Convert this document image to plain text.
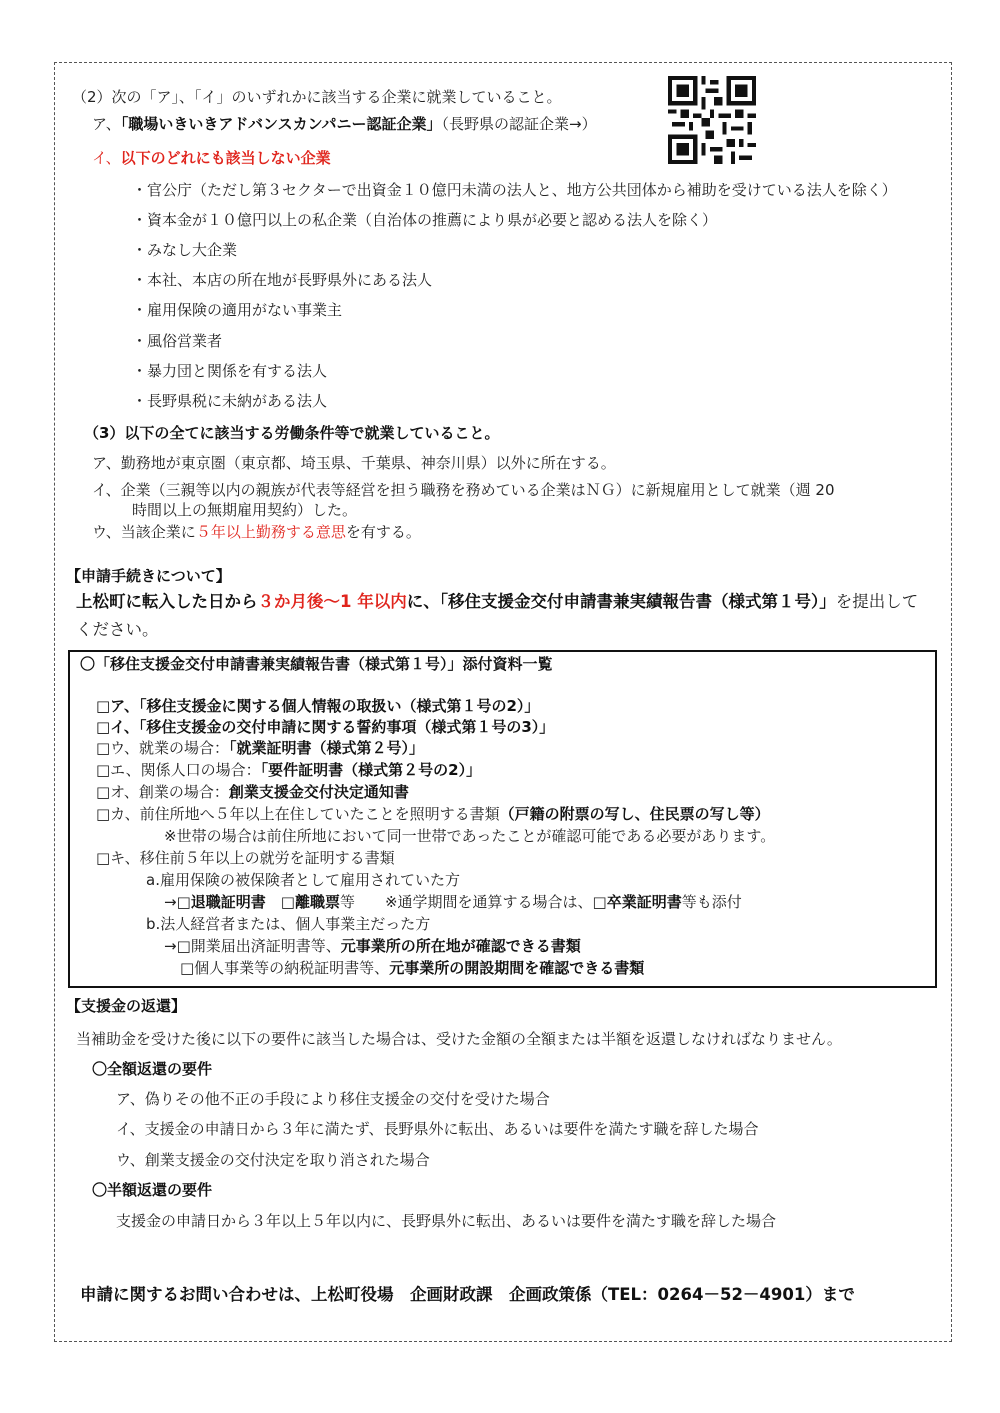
（2）次の「ア」、「イ」のいずれかに該当する企業に就業していること。
ア、「職場いきいきアドバンスカンパニー認証企業」（長野県の認証企業→）
イ、以下のどれにも該当しない企業
・官公庁（ただし第３セクターで出資金１０億円未満の法人と、地方公共団体から補助を受けている法人を除く）
・資本金が１０億円以上の私企業（自治体の推薦により県が必要と認める法人を除く）
・みなし大企業
・本社、本店の所在地が長野県外にある法人
・雇用保険の適用がない事業主
・風俗営業者
・暴力団と関係を有する法人
・長野県税に未納がある法人
（3）以下の全てに該当する労働条件等で就業していること。
ア、勤務地が東京圏（東京都、埼玉県、千葉県、神奈川県）以外に所在する。
イ、企業（三親等以内の親族が代表等経営を担う職務を務めている企業はＮＧ）に新規雇用として就業（週 20
時間以上の無期雇用契約）した。
ウ、当該企業に５年以上勤務する意思を有する。
【申請手続きについて】
上松町に転入した日から３か月後～1 年以内に、「移住支援金交付申請書兼実績報告書（様式第１号）」を提出して
ください。
〇「移住支援金交付申請書兼実績報告書（様式第１号）」添付資料一覧
□ア、「移住支援金に関する個人情報の取扱い（様式第１号の2）」
□イ、「移住支援金の交付申請に関する誓約事項（様式第１号の3）」
□ウ、就業の場合：「就業証明書（様式第２号）」
□エ、関係人口の場合：「要件証明書（様式第２号の2）」
□オ、創業の場合：創業支援金交付決定通知書
□カ、前住所地へ５年以上在住していたことを照明する書類（戸籍の附票の写し、住民票の写し等）
※世帯の場合は前住所地において同一世帯であったことが確認可能である必要があります。
□キ、移住前５年以上の就労を証明する書類
a.雇用保険の被保険者として雇用されていた方
→□退職証明書　□離職票等　　※通学期間を通算する場合は、□卒業証明書等も添付
b.法人経営者または、個人事業主だった方
→□開業届出済証明書等、元事業所の所在地が確認できる書類
□個人事業等の納税証明書等、元事業所の開設期間を確認できる書類
【支援金の返還】
当補助金を受けた後に以下の要件に該当した場合は、受けた金額の全額または半額を返還しなければなりません。
〇全額返還の要件
ア、偽りその他不正の手段により移住支援金の交付を受けた場合
イ、支援金の申請日から３年に満たず、長野県外に転出、あるいは要件を満たす職を辞した場合
ウ、創業支援金の交付決定を取り消された場合
〇半額返還の要件
支援金の申請日から３年以上５年以内に、長野県外に転出、あるいは要件を満たす職を辞した場合
申請に関するお問い合わせは、上松町役場　企画財政課　企画政策係（TEL：0264－52－4901）まで
